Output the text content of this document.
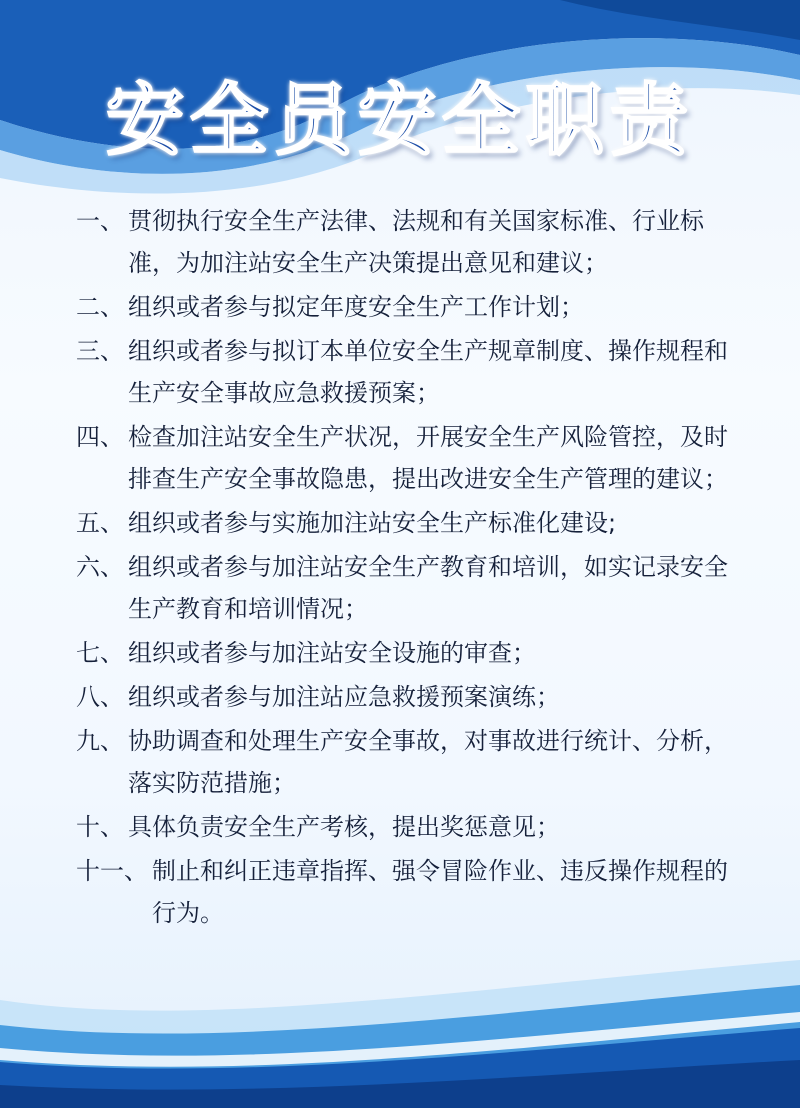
安全员安全职责
一、 贯彻执行安全生产法律、法规和有关国家标准、行业标准，为加注站安全生产决策提出意见和建议；
二、 组织或者参与拟定年度安全生产工作计划；
三、 组织或者参与拟订本单位安全生产规章制度、操作规程和生产安全事故应急救援预案；
四、 检查加注站安全生产状况，开展安全生产风险管控，及时排查生产安全事故隐患，提出改进安全生产管理的建议；
五、 组织或者参与实施加注站安全生产标准化建设;
六、 组织或者参与加注站安全生产教育和培训，如实记录安全生产教育和培训情况；
七、 组织或者参与加注站安全设施的审查；
八、 组织或者参与加注站应急救援预案演练；
九、 协助调查和处理生产安全事故，对事故进行统计、分析，落实防范措施；
十、 具体负责安全生产考核，提出奖惩意见；
十一、 制止和纠正违章指挥、强令冒险作业、违反操作规程的行为。
